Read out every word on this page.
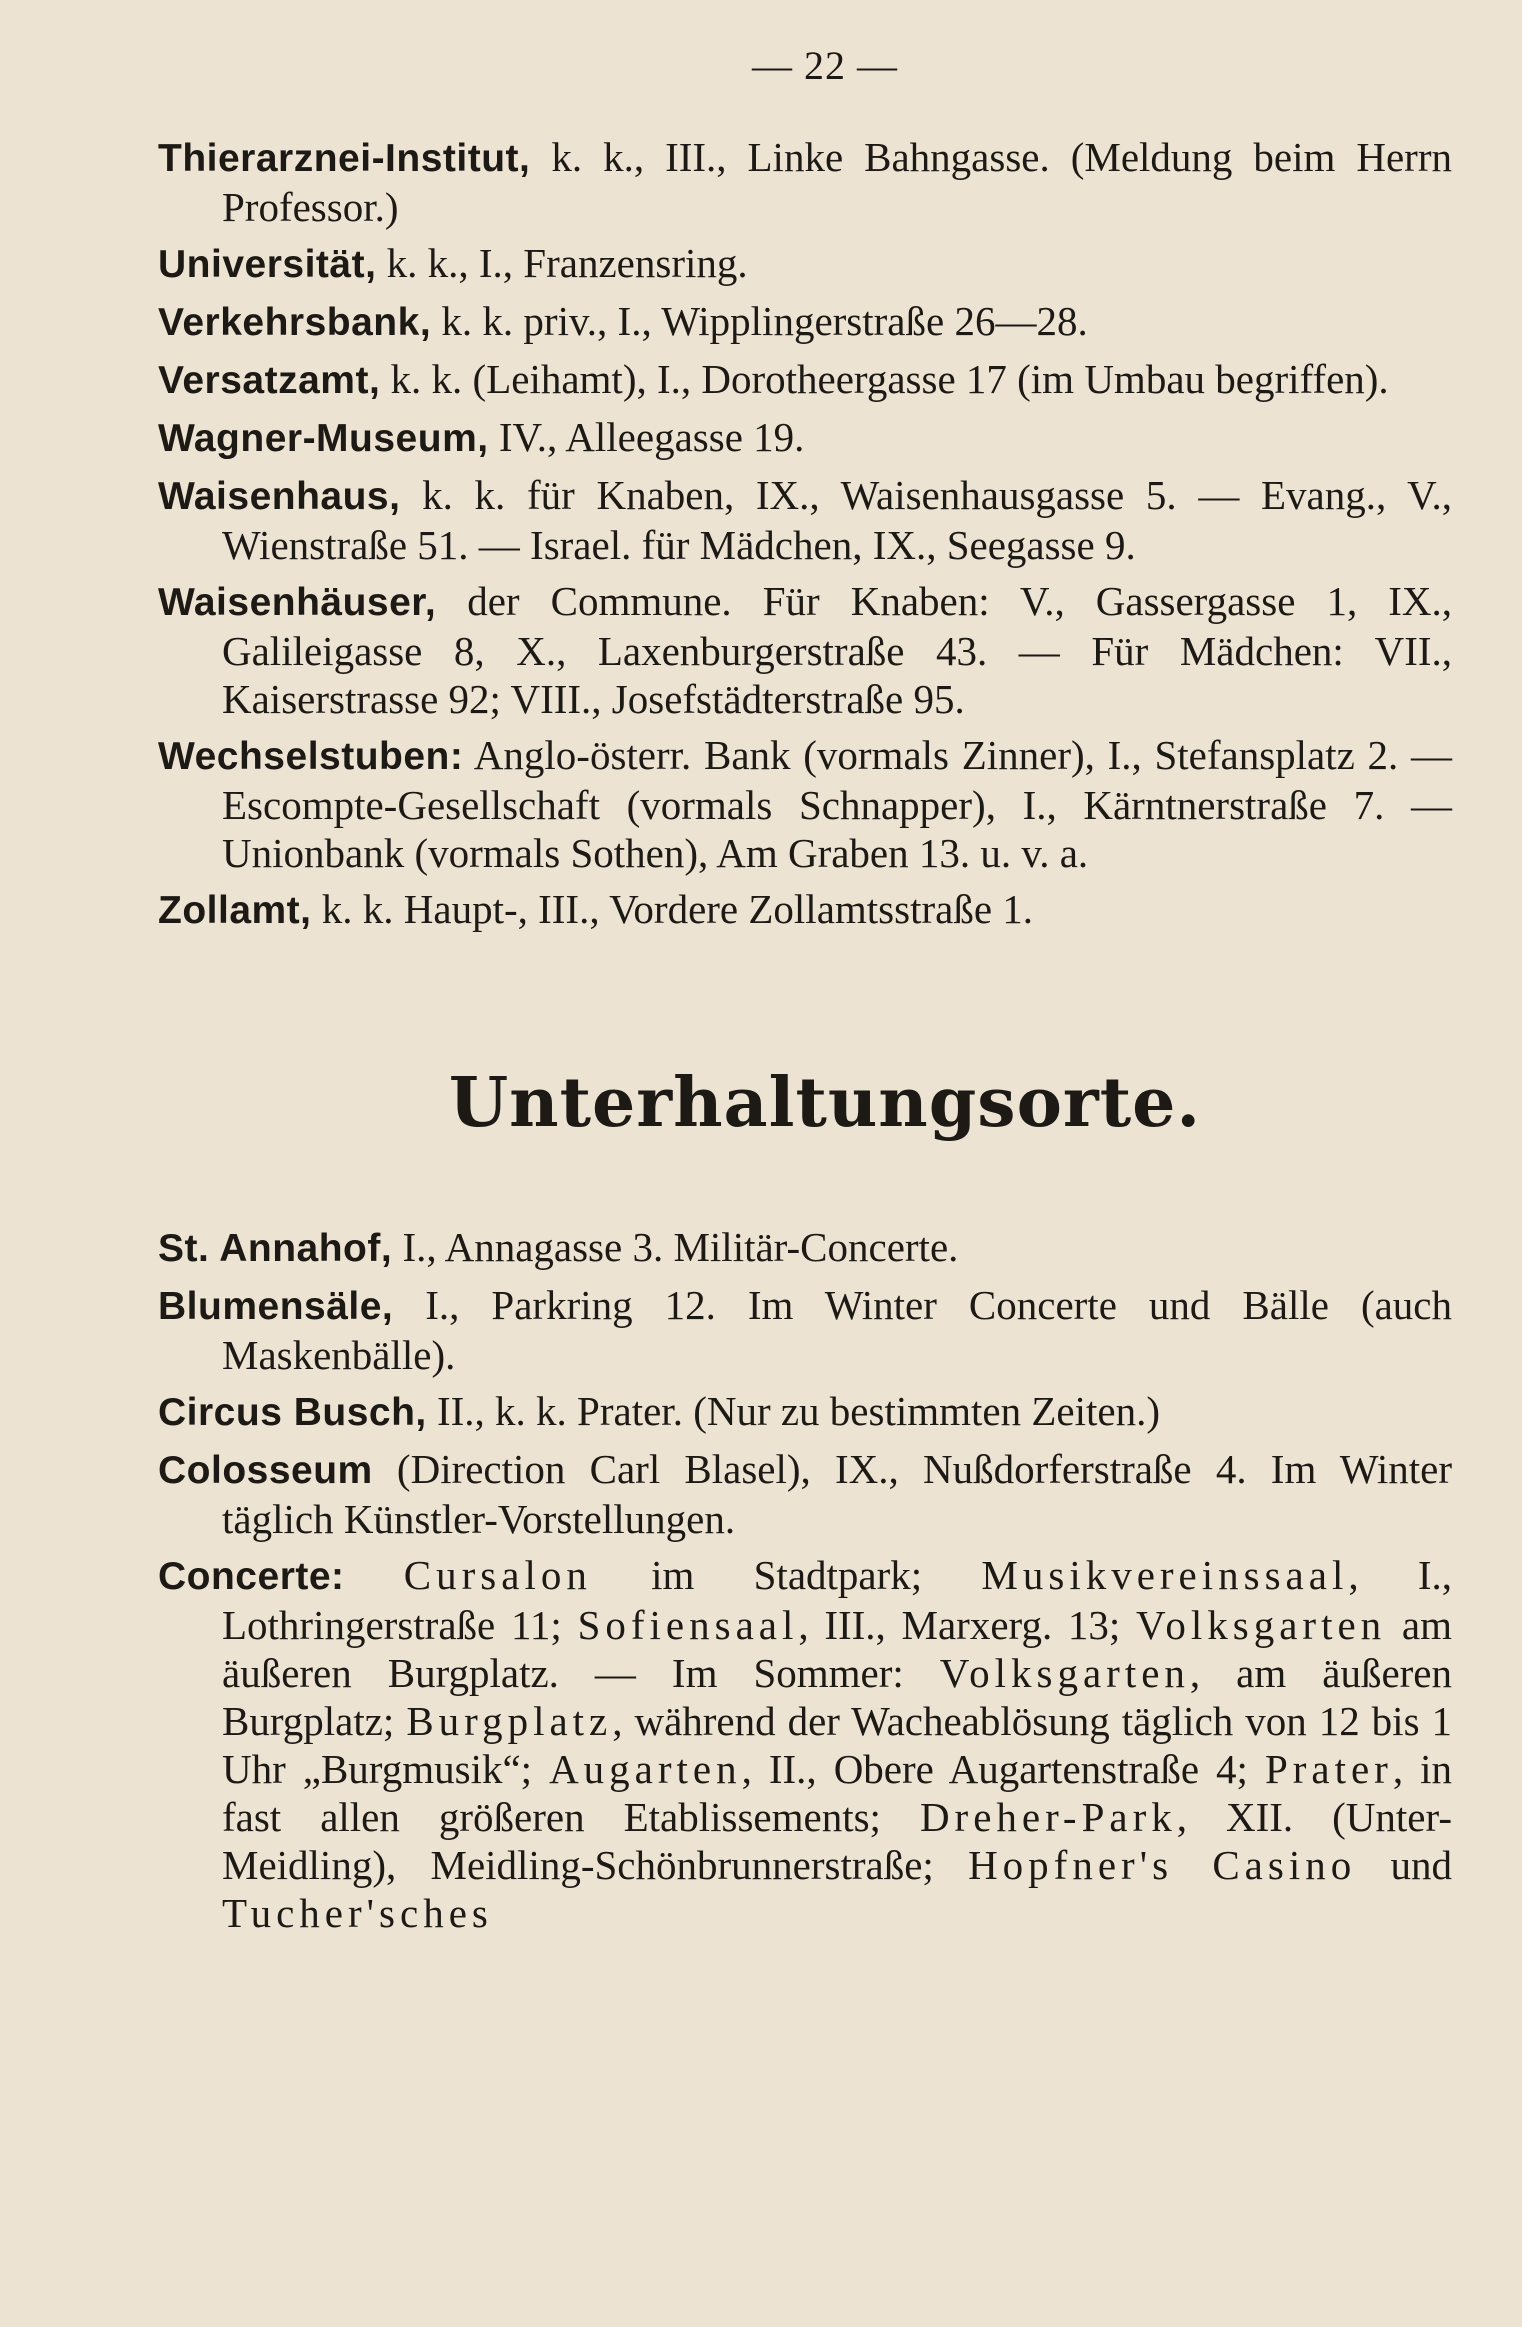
— 22 —

Thierarznei-Institut, k. k., III., Linke Bahngasse. (Meldung beim Herrn Professor.)

Universität, k. k., I., Franzensring.

Verkehrsbank, k. k. priv., I., Wipplingerstraße 26—28.

Versatzamt, k. k. (Leihamt), I., Dorotheergasse 17 (im Umbau begriffen).

Wagner-Museum, IV., Alleegasse 19.

Waisenhaus, k. k. für Knaben, IX., Waisenhausgasse 5. — Evang., V., Wienstraße 51. — Israel. für Mädchen, IX., Seegasse 9.

Waisenhäuser, der Commune. Für Knaben: V., Gassergasse 1, IX., Galileigasse 8, X., Laxenburgerstraße 43. — Für Mädchen: VII., Kaiserstrasse 92; VIII., Josefstädterstraße 95.

Wechselstuben: Anglo-österr. Bank (vormals Zinner), I., Stefansplatz 2. — Escompte-Gesellschaft (vormals Schnapper), I., Kärntnerstraße 7. — Unionbank (vormals Sothen), Am Graben 13. u. v. a.

Zollamt, k. k. Haupt-, III., Vordere Zollamtsstraße 1.

Unterhaltungsorte.

St. Annahof, I., Annagasse 3. Militär-Concerte.

Blumensäle, I., Parkring 12. Im Winter Concerte und Bälle (auch Maskenbälle).

Circus Busch, II., k. k. Prater. (Nur zu bestimmten Zeiten.)

Colosseum (Direction Carl Blasel), IX., Nußdorferstraße 4. Im Winter täglich Künstler-Vorstellungen.

Concerte: Cursalon im Stadtpark; Musikvereinssaal, I., Lothringerstraße 11; Sofiensaal, III., Marxerg. 13; Volksgarten am äußeren Burgplatz. — Im Sommer: Volksgarten, am äußeren Burgplatz; Burgplatz, während der Wacheablösung täglich von 12 bis 1 Uhr „Burgmusik“; Augarten, II., Obere Augartenstraße 4; Prater, in fast allen größeren Etablissements; Dreher-Park, XII. (Unter-Meidling), Meidling-Schönbrunnerstraße; Hopfner's Casino und Tucher'sches
